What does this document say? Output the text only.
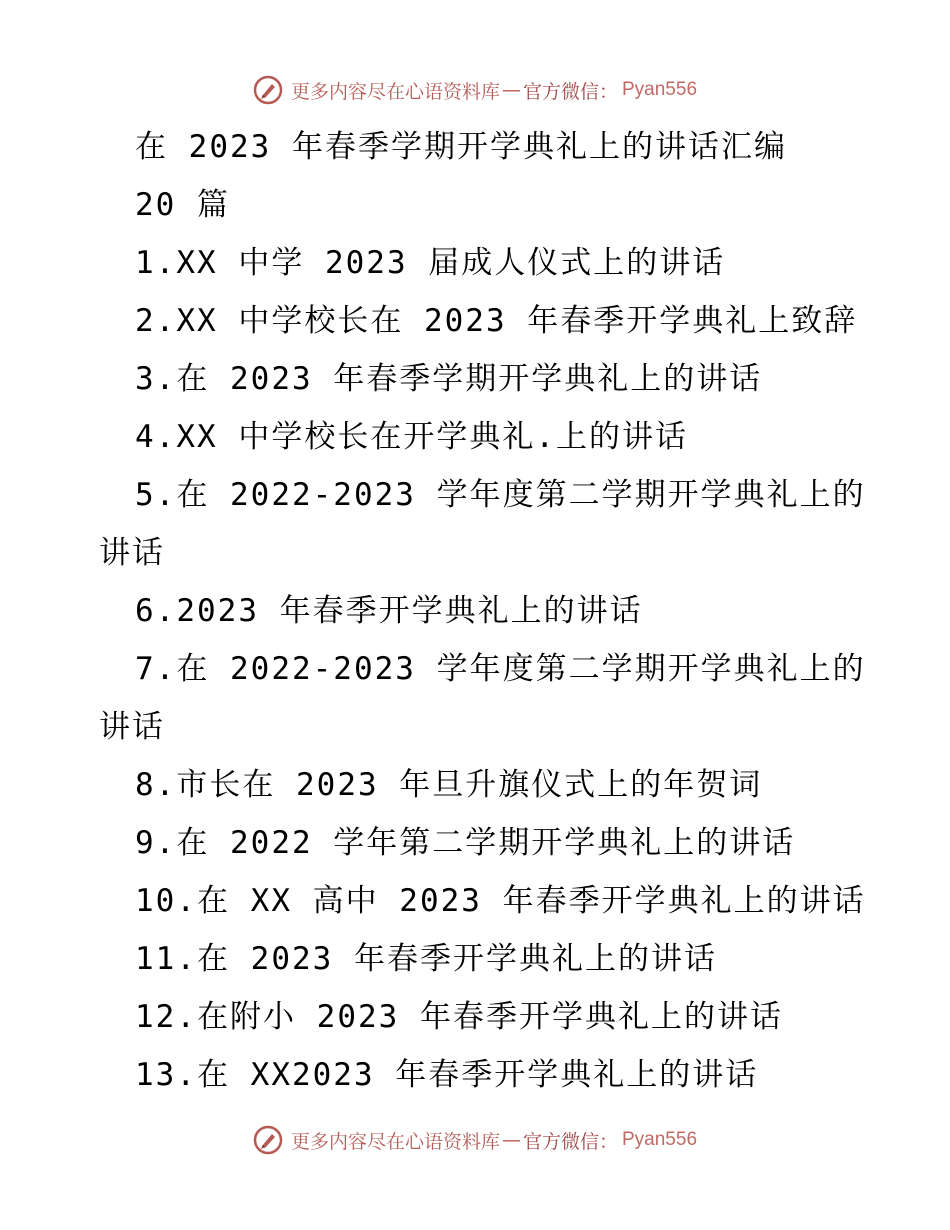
更多内容尽在心语资料库 — 官方微信： Pyan556
在 2023 年春季学期开学典礼上的讲话汇编
20 篇
1.XX 中学 2023 届成人仪式上的讲话
2.XX 中学校长在 2023 年春季开学典礼上致辞
3.在 2023 年春季学期开学典礼上的讲话
4.XX 中学校长在开学典礼.上的讲话
5.在 2022-2023 学年度第二学期开学典礼上的
讲话
6.2023 年春季开学典礼上的讲话
7.在 2022-2023 学年度第二学期开学典礼上的
讲话
8.市长在 2023 年旦升旗仪式上的年贺词
9.在 2022 学年第二学期开学典礼上的讲话
10.在 XX 高中 2023 年春季开学典礼上的讲话
11.在 2023 年春季开学典礼上的讲话
12.在附小 2023 年春季开学典礼上的讲话
13.在 XX2023 年春季开学典礼上的讲话
更多内容尽在心语资料库 — 官方微信： Pyan556
